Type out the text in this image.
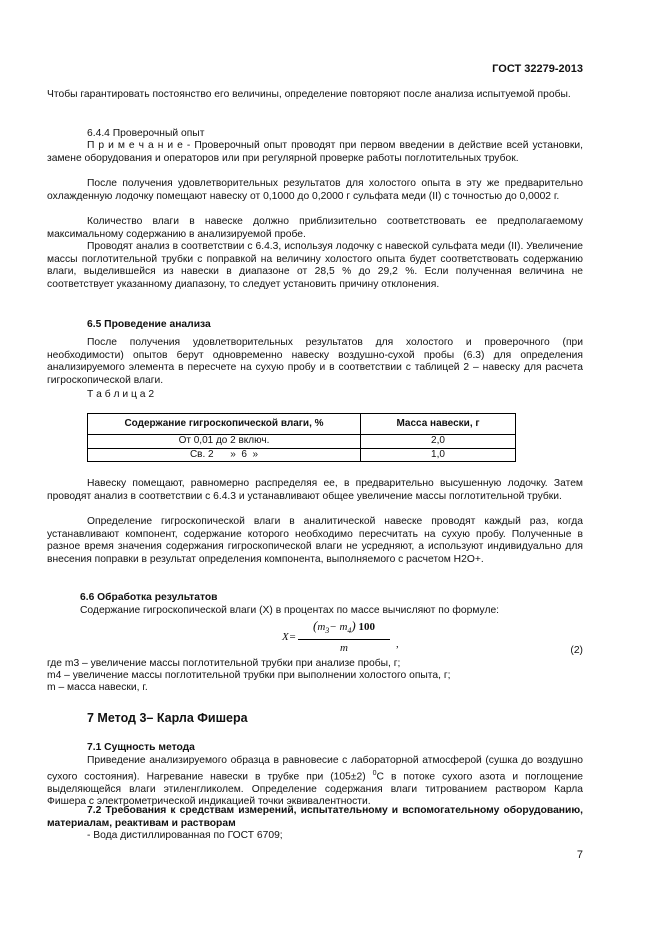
ГОСТ 32279-2013
Чтобы гарантировать постоянство его величины, определение повторяют после анализа испытуемой пробы.
6.4.4 Проверочный опыт
П р и м е ч а н и е - Проверочный опыт проводят при первом введении в действие всей установки, замене оборудования и операторов или при регулярной проверке работы поглотительных трубок.
После получения удовлетворительных результатов для холостого опыта в эту же предварительно охлажденную лодочку помещают навеску от 0,1000 до 0,2000 г сульфата меди (II) с точностью до 0,0002 г.
Количество влаги в навеске должно приблизительно соответствовать ее предполагаемому максимальному содержанию в анализируемой пробе.
Проводят анализ в соответствии с 6.4.3, используя лодочку с навеской сульфата меди (II). Увеличение массы поглотительной трубки с поправкой на величину холостого опыта будет соответствовать содержанию влаги, выделившейся из навески в диапазоне от 28,5 % до 29,2 %. Если полученная величина не соответствует указанному диапазону, то следует установить причину отклонения.
6.5 Проведение анализа
После получения удовлетворительных результатов для холостого и проверочного (при необходимости) опытов берут одновременно навеску воздушно-сухой пробы (6.3) для определения анализируемого элемента в пересчете на сухую пробу и в соответствии с таблицей 2 – навеску для расчета гигроскопической влаги.
Т а б л и ц а 2
Содержание гигроскопической влаги, %	Масса навески, г
От 0,01 до 2 включ.	2,0
Св. 2      »  6  »	1,0
Навеску помещают, равномерно распределяя ее, в предварительно высушенную лодочку. Затем проводят анализ в соответствии с 6.4.3 и устанавливают общее увеличение массы поглотительной трубки.
Определение гигроскопической влаги в аналитической навеске проводят каждый раз, когда устанавливают компонент, содержание которого необходимо пересчитать на сухую пробу. Полученные в разное время значения содержания гигроскопической влаги не усредняют, а используют индивидуально для внесения поправки в результат определения компонента, выполняемого с расчетом H2O+.
6.6 Обработка результатов
Содержание гигроскопической влаги (X) в процентах по массе вычисляют по формуле:
X=
$(m_3- m_4)$ 100
m	,
(2)
где m3 – увеличение массы поглотительной трубки при анализе пробы, г;
m4 – увеличение массы поглотительной трубки при выполнении холостого опыта, г;
m – масса навески, г.
7 Метод 3– Карла Фишера
7.1 Сущность метода
Приведение анализируемого образца в равновесие с лабораторной атмосферой (сушка до воздушно сухого состояния). Нагревание навески в трубке при (105±2) $^0$С в потоке сухого азота и поглощение выделяющейся влаги этиленгликолем. Определение содержания влаги титрованием раствором Карла Фишера с электрометрической индикацией точки эквивалентности.
7.2 Требования к средствам измерений, испытательному и вспомогательному оборудованию, материалам, реактивам и растворам
- Вода дистиллированная по ГОСТ 6709;
7
